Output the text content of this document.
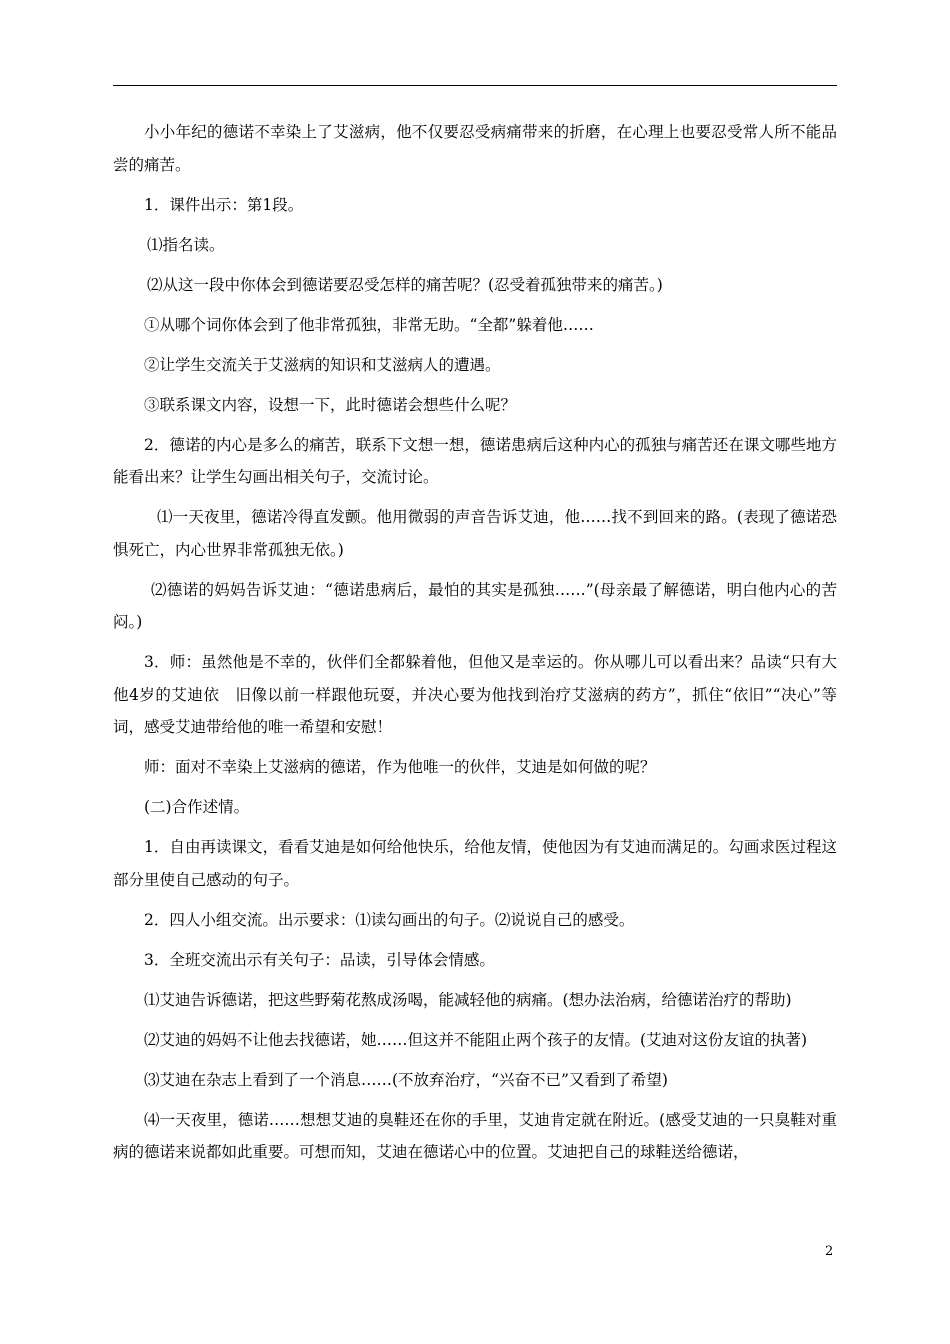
小小年纪的德诺不幸染上了艾滋病，他不仅要忍受病痛带来的折磨，在心理上也要忍受常人所不能品尝的痛苦。

1．课件出示：第1段。

⑴指名读。

⑵从这一段中你体会到德诺要忍受怎样的痛苦呢？(忍受着孤独带来的痛苦。)

①从哪个词你体会到了他非常孤独，非常无助。“全都”躲着他……

②让学生交流关于艾滋病的知识和艾滋病人的遭遇。

③联系课文内容，设想一下，此时德诺会想些什么呢？

2．德诺的内心是多么的痛苦，联系下文想一想，德诺患病后这种内心的孤独与痛苦还在课文哪些地方能看出来？让学生勾画出相关句子，交流讨论。

⑴一天夜里，德诺冷得直发颤。他用微弱的声音告诉艾迪，他……找不到回来的路。(表现了德诺恐惧死亡，内心世界非常孤独无依。)

⑵德诺的妈妈告诉艾迪：“德诺患病后，最怕的其实是孤独……”(母亲最了解德诺，明白他内心的苦闷。)

3．师：虽然他是不幸的，伙伴们全都躲着他，但他又是幸运的。你从哪儿可以看出来？品读“只有大他4岁的艾迪依　旧像以前一样跟他玩耍，并决心要为他找到治疗艾滋病的药方”，抓住“依旧”“决心”等词，感受艾迪带给他的唯一希望和安慰！

师：面对不幸染上艾滋病的德诺，作为他唯一的伙伴，艾迪是如何做的呢？

(二)合作述情。

1．自由再读课文，看看艾迪是如何给他快乐，给他友情，使他因为有艾迪而满足的。勾画求医过程这部分里使自己感动的句子。

2．四人小组交流。出示要求：⑴读勾画出的句子。⑵说说自己的感受。

3．全班交流出示有关句子：品读，引导体会情感。

⑴艾迪告诉德诺，把这些野菊花熬成汤喝，能减轻他的病痛。(想办法治病，给德诺治疗的帮助)

⑵艾迪的妈妈不让他去找德诺，她……但这并不能阻止两个孩子的友情。(艾迪对这份友谊的执著)

⑶艾迪在杂志上看到了一个消息……(不放弃治疗，“兴奋不已”又看到了希望)

⑷一天夜里，德诺……想想艾迪的臭鞋还在你的手里，艾迪肯定就在附近。(感受艾迪的一只臭鞋对重病的德诺来说都如此重要。可想而知，艾迪在德诺心中的位置。艾迪把自己的球鞋送给德诺，

2
